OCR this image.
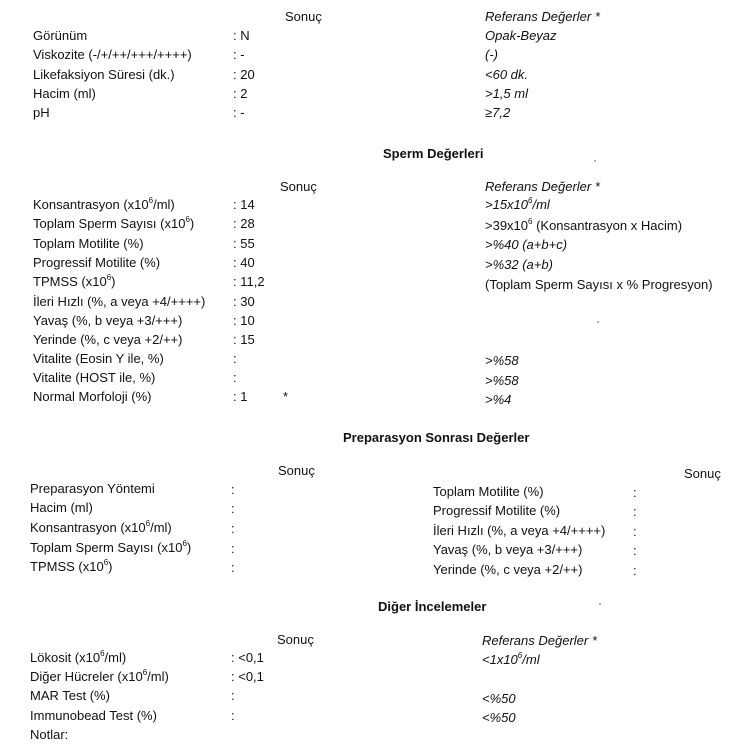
Sonuç	Referans Değerler *
Görünüm	: N	Opak-Beyaz
Viskozite (-/+/++/+++/++++)	: -	(-)
Likefaksiyon Süresi (dk.)	: 20	<60 dk.
Hacim (ml)	: 2	>1,5 ml
pH	: -	≥7,2
Sperm Değerleri
Sonuç	Referans Değerler *
Konsantrasyon $(x10^6/ml)$	: 14	$>15x10^6/ml$
Toplam Sperm Sayısı $(x10^6)$	: 28	$>39x10^6$ (Konsantrasyon x Hacim)
Toplam Motilite (%)	: 55	>%40 (a+b+c)
Progressif Motilite (%)	: 40	>%32 (a+b)
TPMSS $(x10^6)$	: 11,2	(Toplam Sperm Sayısı x % Progresyon)
İleri Hızlı (%, a veya +4/++++) : 30
Yavaş (%, b veya +3/+++)	: 10
Yerinde (%, c veya +2/++)	: 15
Vitalite (Eosin Y ile, %)	:	>%58
Vitalite (HOST ile, %)	:	>%58
Normal Morfoloji (%)	: 1	*	>%4
Preparasyon Sonrası Değerler
Sonuç	Sonuç
Preparasyon Yöntemi	:
Hacim (ml)	:
Konsantrasyon $(x10^6/ml)$	:
Toplam Sperm Sayısı $(x10^6)$	:
TPMSS $(x10^6)$	:
Toplam Motilite (%)	:
Progressif Motilite (%)	:
İleri Hızlı (%, a veya +4/++++) :
Yavaş (%, b veya +3/+++)	:
Yerinde (%, c veya +2/++)	:
Diğer İncelemeler
Sonuç	Referans Değerler *
Lökosit $(x10^6/ml)$	: <0,1	$<1x10^6/ml$
Diğer Hücreler $(x10^6/ml)$	: <0,1
MAR Test (%)	:	<%50
Immunobead Test (%)	:	<%50
Notlar:
